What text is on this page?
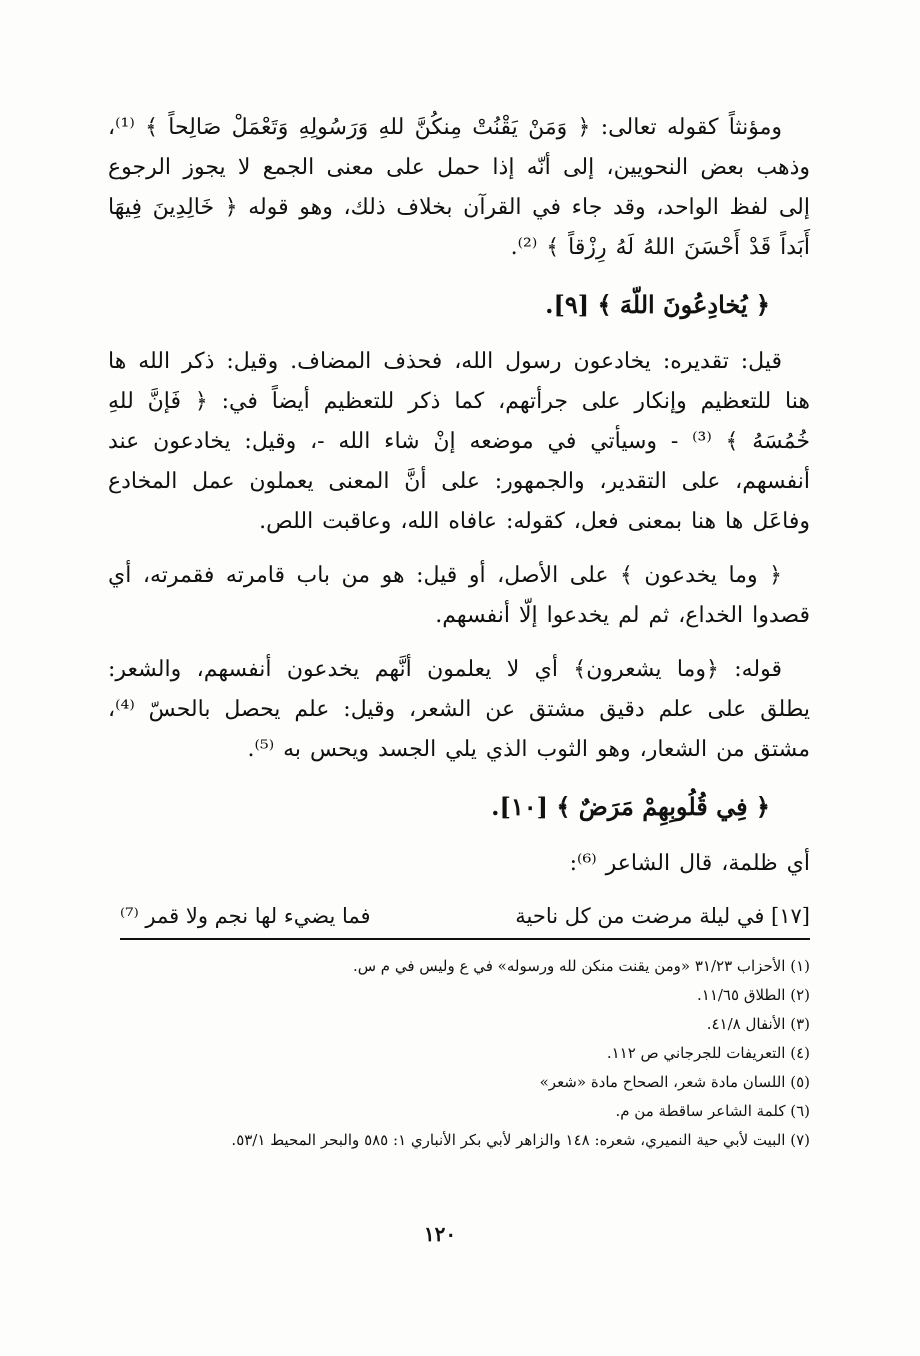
ومؤنثاً كقوله تعالى: ﴿ وَمَنْ يَقْنُتْ مِنكُنَّ للهِ وَرَسُولِهِ وَتَعْمَلْ صَالِحاً ﴾ ⁽¹⁾، وذهب بعض النحويين، إلى أنّه إذا حمل على معنى الجمع لا يجوز الرجوع إلى لفظ الواحد، وقد جاء في القرآن بخلاف ذلك، وهو قوله ﴿ خَالِدِينَ فِيهَا أَبَداً قَدْ أَحْسَنَ اللهُ لَهُ رِزْقاً ﴾ ⁽²⁾.

﴿ يُخادِعُونَ اللّهَ ﴾ [٩].

قيل: تقديره: يخادعون رسول الله، فحذف المضاف. وقيل: ذكر الله ها هنا للتعظيم وإنكار على جرأتهم، كما ذكر للتعظيم أيضاً في: ﴿ فَإنَّ للهِ خُمُسَهُ ﴾ ⁽³⁾ - وسيأتي في موضعه إنْ شاء الله -، وقيل: يخادعون عند أنفسهم، على التقدير، والجمهور: على أنَّ المعنى يعملون عمل المخادع وفاعَل ها هنا بمعنى فعل، كقوله: عافاه الله، وعاقبت اللص.

﴿ وما يخدعون ﴾ على الأصل، أو قيل: هو من باب قامرته فقمرته، أي قصدوا الخداع، ثم لم يخدعوا إلّا أنفسهم.

قوله: ﴿وما يشعرون﴾ أي لا يعلمون أنَّهم يخدعون أنفسهم، والشعر: يطلق على علم دقيق مشتق عن الشعر، وقيل: علم يحصل بالحسّ ⁽⁴⁾، مشتق من الشعار، وهو الثوب الذي يلي الجسد ويحس به ⁽⁵⁾.

﴿ فِي قُلُوبِهِمْ مَرَضٌ ﴾ [١٠].

أي ظلمة، قال الشاعر ⁽⁶⁾:

[١٧] في ليلة مرضت من كل ناحية
فما يضيء لها نجم ولا قمر ⁽⁷⁾

(١) الأحزاب ٣١/٢٣ «ومن يقنت منكن لله ورسوله» في ع وليس في م س.

(٢) الطلاق ١١/٦٥.

(٣) الأنفال ٤١/٨.

(٤) التعريفات للجرجاني ص ١١٢.

(٥) اللسان مادة شعر، الصحاح مادة «شعر»

(٦) كلمة الشاعر ساقطة من م.

(٧) البيت لأبي حية النميري، شعره: ١٤٨ والزاهر لأبي بكر الأنباري ١: ٥٨٥ والبحر المحيط ٥٣/١.

١٢٠
